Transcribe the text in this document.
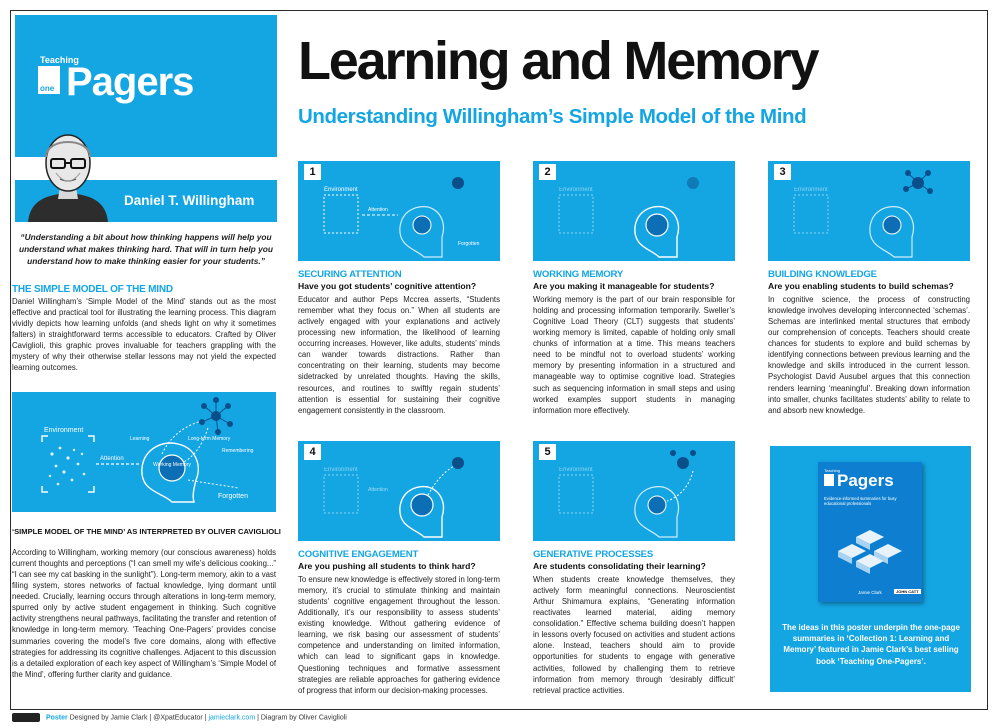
Teaching
one Pagers
Daniel T. Willingham
“Understanding a bit about how thinking happens will help you understand what makes thinking hard. That will in turn help you understand how to make thinking easier for your students.”
THE SIMPLE MODEL OF THE MIND
Daniel Willingham’s ‘Simple Model of the Mind’ stands out as the most effective and practical tool for illustrating the learning process. This diagram vividly depicts how learning unfolds (and sheds light on why it sometimes falters) in straightforward terms accessible to educators. Crafted by Oliver Caviglioli, this graphic proves invaluable for teachers grappling with the mystery of why their otherwise stellar lessons may not yield the expected learning outcomes.
Environment
Attention
Working Memory
Long-term Memory
Learning
Remembering
Forgotten
‘SIMPLE MODEL OF THE MIND’ AS INTERPRETED BY OLIVER CAVIGLIOLI
According to Willingham, working memory (our conscious awareness) holds current thoughts and perceptions (“I can smell my wife’s delicious cooking...” “I can see my cat basking in the sunlight”). Long-term memory, akin to a vast filing system, stores networks of factual knowledge, lying dormant until needed. Crucially, learning occurs through alterations in long-term memory, spurred only by active student engagement in thinking. Such cognitive activity strengthens neural pathways, facilitating the transfer and retention of knowledge in long-term memory. ‘Teaching One-Pagers’ provides concise summaries covering the model’s five core domains, along with effective strategies for addressing its cognitive challenges. Adjacent to this discussion is a detailed exploration of each key aspect of Willingham’s ‘Simple Model of the Mind’, offering further clarity and guidance.
Learning and Memory
Understanding Willingham’s Simple Model of the Mind
1
Environment
Attention
Forgotten
2
Environment
3
Environment
SECURING ATTENTION
Have you got students’ cognitive attention?
Educator and author Peps Mccrea asserts, “Students remember what they focus on.” When all students are actively engaged with your explanations and actively processing new information, the likelihood of learning occurring increases. However, like adults, students’ minds can wander towards distractions. Rather than concentrating on their learning, students may become sidetracked by unrelated thoughts. Having the skills, resources, and routines to swiftly regain students’ attention is essential for sustaining their cognitive engagement consistently in the classroom.
WORKING MEMORY
Are you making it manageable for students?
Working memory is the part of our brain responsible for holding and processing information temporarily. Sweller’s Cognitive Load Theory (CLT) suggests that students’ working memory is limited, capable of holding only small chunks of information at a time. This means teachers need to be mindful not to overload students’ working memory by presenting information in a structured and manageable way to optimise cognitive load. Strategies such as sequencing information in small steps and using worked examples support students in managing information more effectively.
BUILDING KNOWLEDGE
Are you enabling students to build schemas?
In cognitive science, the process of constructing knowledge involves developing interconnected ‘schemas’. Schemas are interlinked mental structures that embody our comprehension of concepts. Teachers should create chances for students to explore and build schemas by identifying connections between previous learning and the knowledge and skills introduced in the current lesson. Psychologist David Ausubel argues that this connection renders learning ‘meaningful’. Breaking down information into smaller, chunks facilitates students’ ability to relate to and absorb new knowledge.
4
Environment
Attention
5
Environment
COGNITIVE ENGAGEMENT
Are you pushing all students to think hard?
To ensure new knowledge is effectively stored in long-term memory, it’s crucial to stimulate thinking and maintain students’ cognitive engagement throughout the lesson. Additionally, it’s our responsibility to assess students’ existing knowledge. Without gathering evidence of learning, we risk basing our assessment of students’ competence and understanding on limited information, which can lead to significant gaps in knowledge. Questioning techniques and formative assessment strategies are reliable approaches for gathering evidence of progress that inform our decision-making processes.
GENERATIVE PROCESSES
Are students consolidating their learning?
When students create knowledge themselves, they actively form meaningful connections. Neuroscientist Arthur Shimamura explains, “Generating information reactivates learned material, aiding memory consolidation.” Effective schema building doesn’t happen in lessons overly focused on activities and student actions alone. Instead, teachers should aim to provide opportunities for students to engage with generative activities, followed by challenging them to retrieve information from memory through ‘desirably difficult’ retrieval practice activities.
Teaching
Pagers
Evidence-informed summaries for busy educational professionals
Jamie Clark	JOHN CATT
The ideas in this poster underpin the one-page summaries in ‘Collection 1: Learning and Memory’ featured in Jamie Clark’s best selling book ‘Teaching One-Pagers’.
Poster Designed by Jamie Clark | @XpatEducator | jamieclark.com | Diagram by Oliver Caviglioli
